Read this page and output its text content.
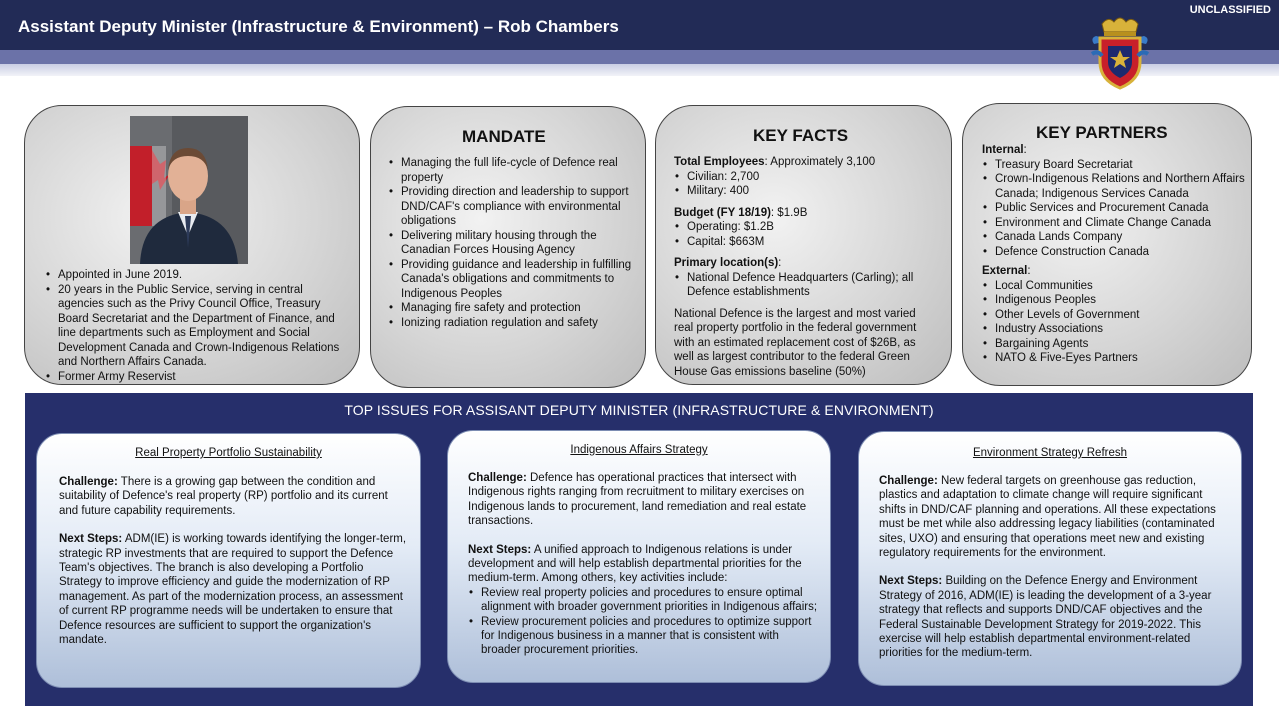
Assistant Deputy Minister (Infrastructure & Environment) – Rob Chambers
UNCLASSIFIED
• Appointed in June 2019.
• 20 years in the Public Service, serving in central agencies such as the Privy Council Office, Treasury Board Secretariat and the Department of Finance, and line departments such as Employment and Social Development Canada and Crown-Indigenous Relations and Northern Affairs Canada.
• Former Army Reservist
MANDATE
• Managing the full life-cycle of Defence real property
• Providing direction and leadership to support DND/CAF's compliance with environmental obligations
• Delivering military housing through the Canadian Forces Housing Agency
• Providing guidance and leadership in fulfilling Canada's obligations and commitments to Indigenous Peoples
• Managing fire safety and protection
• Ionizing radiation regulation and safety
KEY FACTS
Total Employees: Approximately 3,100
• Civilian: 2,700
• Military: 400
Budget (FY 18/19): $1.9B
• Operating: $1.2B
• Capital: $663M
Primary location(s):
• National Defence Headquarters (Carling); all Defence establishments
National Defence is the largest and most varied real property portfolio in the federal government with an estimated replacement cost of $26B, as well as largest contributor to the federal Green House Gas emissions baseline (50%)
KEY PARTNERS
Internal:
• Treasury Board Secretariat
• Crown-Indigenous Relations and Northern Affairs Canada; Indigenous Services Canada
• Public Services and Procurement Canada
• Environment and Climate Change Canada
• Canada Lands Company
• Defence Construction Canada
External:
• Local Communities
• Indigenous Peoples
• Other Levels of Government
• Industry Associations
• Bargaining Agents
• NATO & Five-Eyes Partners
TOP ISSUES FOR ASSISANT DEPUTY MINISTER (INFRASTRUCTURE & ENVIRONMENT)
Real Property Portfolio Sustainability

Challenge: There is a growing gap between the condition and suitability of Defence's real property (RP) portfolio and its current and future capability requirements.

Next Steps: ADM(IE) is working towards identifying the longer-term, strategic RP investments that are required to support the Defence Team's objectives. The branch is also developing a Portfolio Strategy to improve efficiency and guide the modernization of RP management. As part of the modernization process, an assessment of current RP programme needs will be undertaken to ensure that Defence resources are sufficient to support the organization's mandate.

Indigenous Affairs Strategy

Challenge: Defence has operational practices that intersect with Indigenous rights ranging from recruitment to military exercises on Indigenous lands to procurement, land remediation and real estate transactions.

Next Steps: A unified approach to Indigenous relations is under development and will help establish departmental priorities for the medium-term. Among others, key activities include:

• Review real property policies and procedures to ensure optimal alignment with broader government priorities in Indigenous affairs;
• Review procurement policies and procedures to optimize support for Indigenous business in a manner that is consistent with broader procurement priorities.
Environment Strategy Refresh

Challenge: New federal targets on greenhouse gas reduction, plastics and adaptation to climate change will require significant shifts in DND/CAF planning and operations. All these expectations must be met while also addressing legacy liabilities (contaminated sites, UXO) and ensuring that operations meet new and existing regulatory requirements for the environment.

Next Steps: Building on the Defence Energy and Environment Strategy of 2016, ADM(IE) is leading the development of a 3-year strategy that reflects and supports DND/CAF objectives and the Federal Sustainable Development Strategy for 2019-2022. This exercise will help establish departmental environment-related priorities for the medium-term.
